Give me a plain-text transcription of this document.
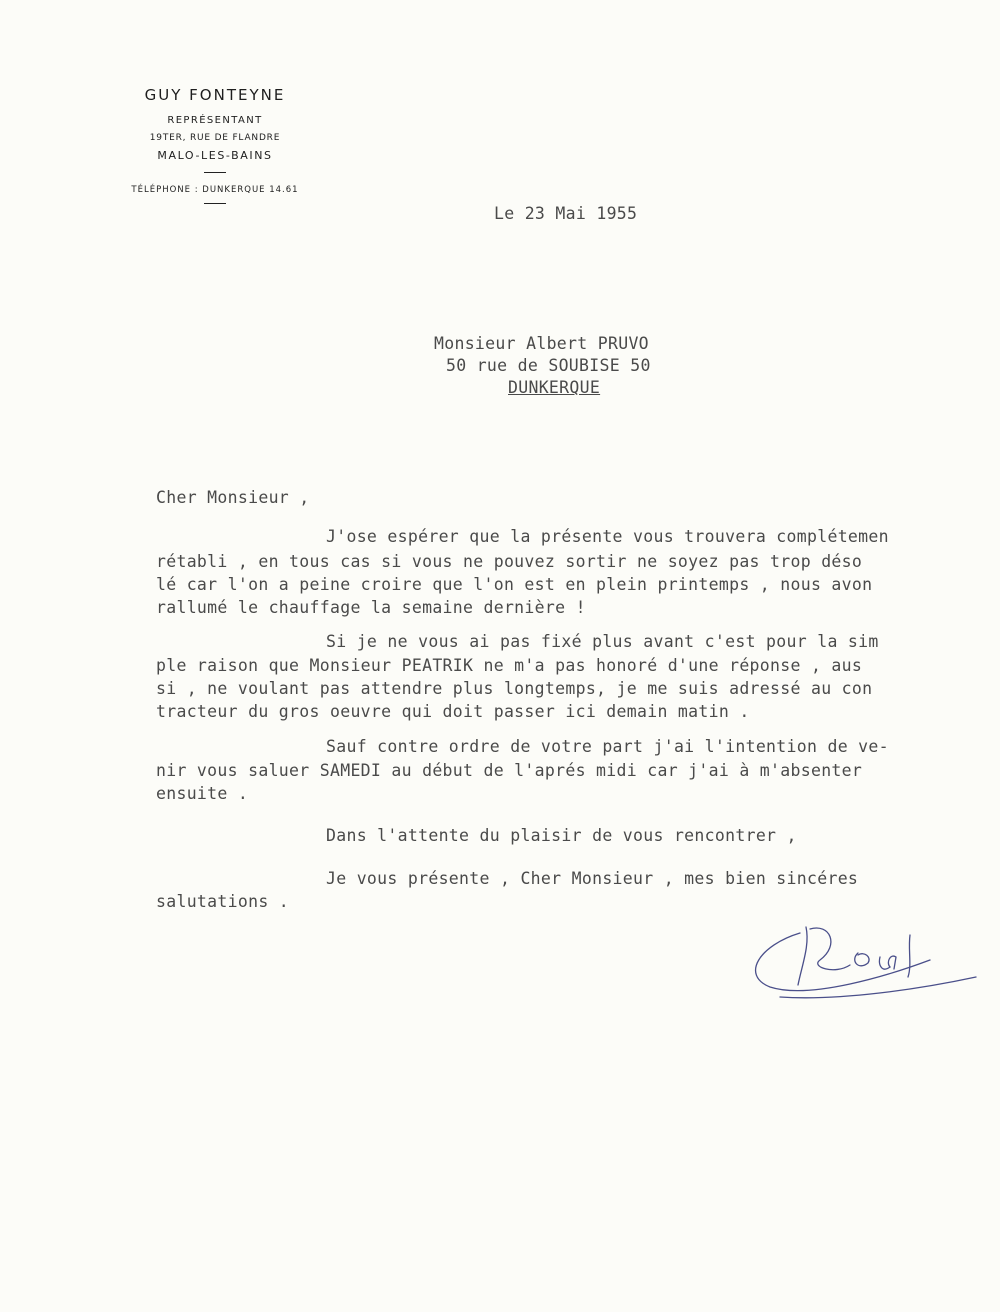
GUY FONTEYNE
REPRÉSENTANT
19TER, RUE DE FLANDRE
MALO-LES-BAINS
TÉLÉPHONE : DUNKERQUE 14.61
Le 23 Mai 1955
Monsieur Albert PRUVO
50 rue de SOUBISE 50
DUNKERQUE
Cher Monsieur ,
J'ose espérer que la présente vous trouvera complétemen
rétabli , en tous cas si vous ne pouvez sortir ne soyez pas trop déso
lé car l'on a peine croire que l'on est en plein printemps , nous avon
rallumé le chauffage la semaine dernière !
Si je ne vous ai pas fixé plus avant c'est pour la sim
ple raison que Monsieur PEATRIK ne m'a pas honoré d'une réponse , aus
si , ne voulant pas attendre plus longtemps, je me suis adressé au con
tracteur du gros oeuvre qui doit passer ici demain matin .
Sauf contre ordre de votre part j'ai l'intention de ve-
nir vous saluer SAMEDI au début de l'aprés midi car j'ai à m'absenter
ensuite .
Dans l'attente du plaisir de vous rencontrer ,
Je vous présente , Cher Monsieur , mes bien sincéres
salutations .
